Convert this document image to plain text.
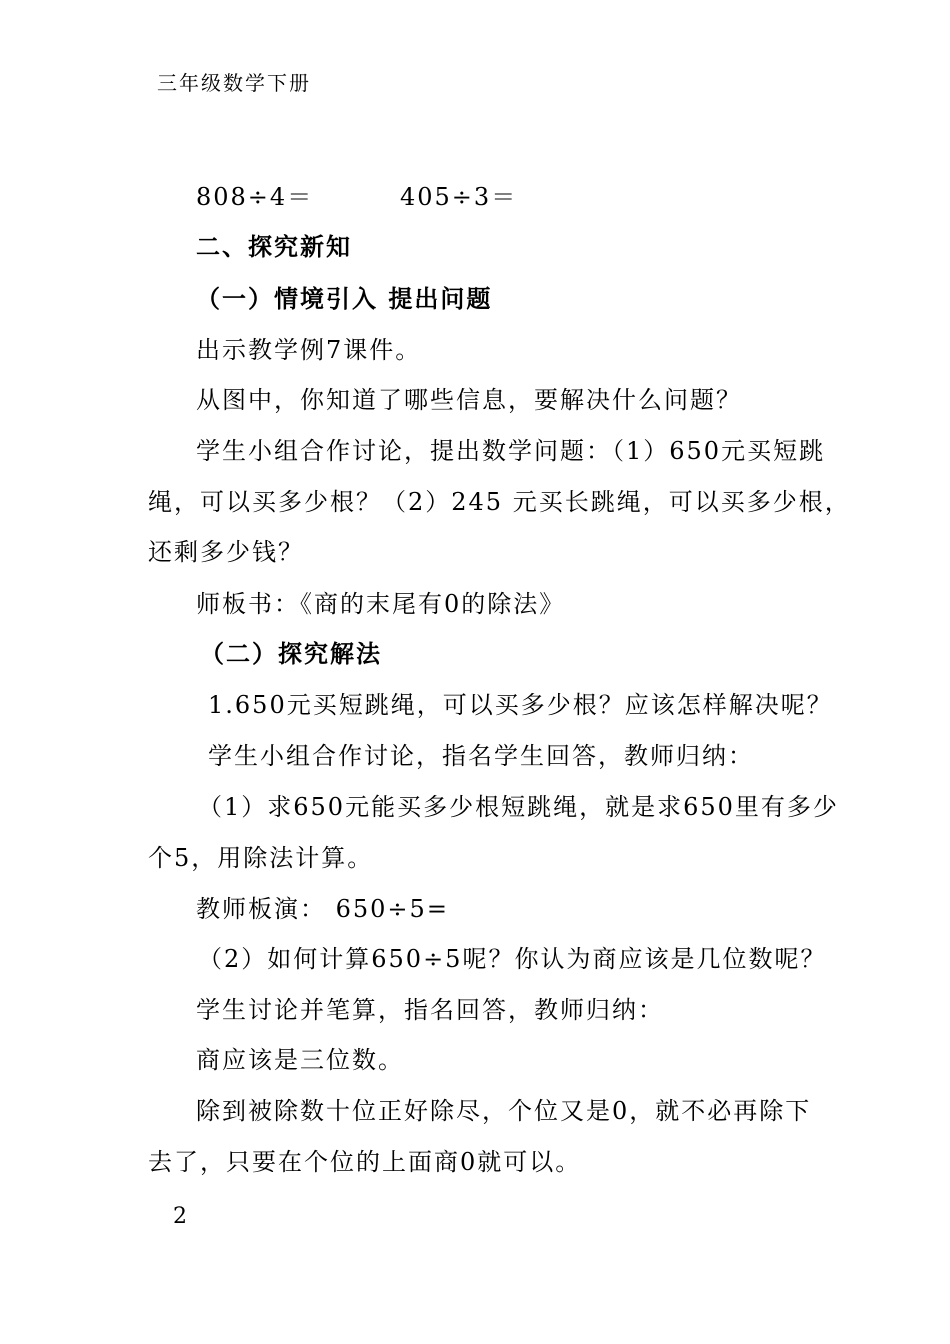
三年级数学下册
808÷4＝	405÷3＝
二、探究新知
（一）情境引入 提出问题
出示教学例7课件。
从图中，你知道了哪些信息，要解决什么问题？
学生小组合作讨论，提出数学问题：（1）650元买短跳
绳，可以买多少根？（2）245 元买长跳绳，可以买多少根，
还剩多少钱？
师板书：《商的末尾有0的除法》
（二）探究解法
1.650元买短跳绳，可以买多少根？应该怎样解决呢？
学生小组合作讨论，指名学生回答，教师归纳：
（1）求650元能买多少根短跳绳，就是求650里有多少
个5，用除法计算。
教师板演： 650÷5=
（2）如何计算650÷5呢？你认为商应该是几位数呢？
学生讨论并笔算，指名回答，教师归纳：
商应该是三位数。
除到被除数十位正好除尽，个位又是0，就不必再除下
去了，只要在个位的上面商0就可以。
2
